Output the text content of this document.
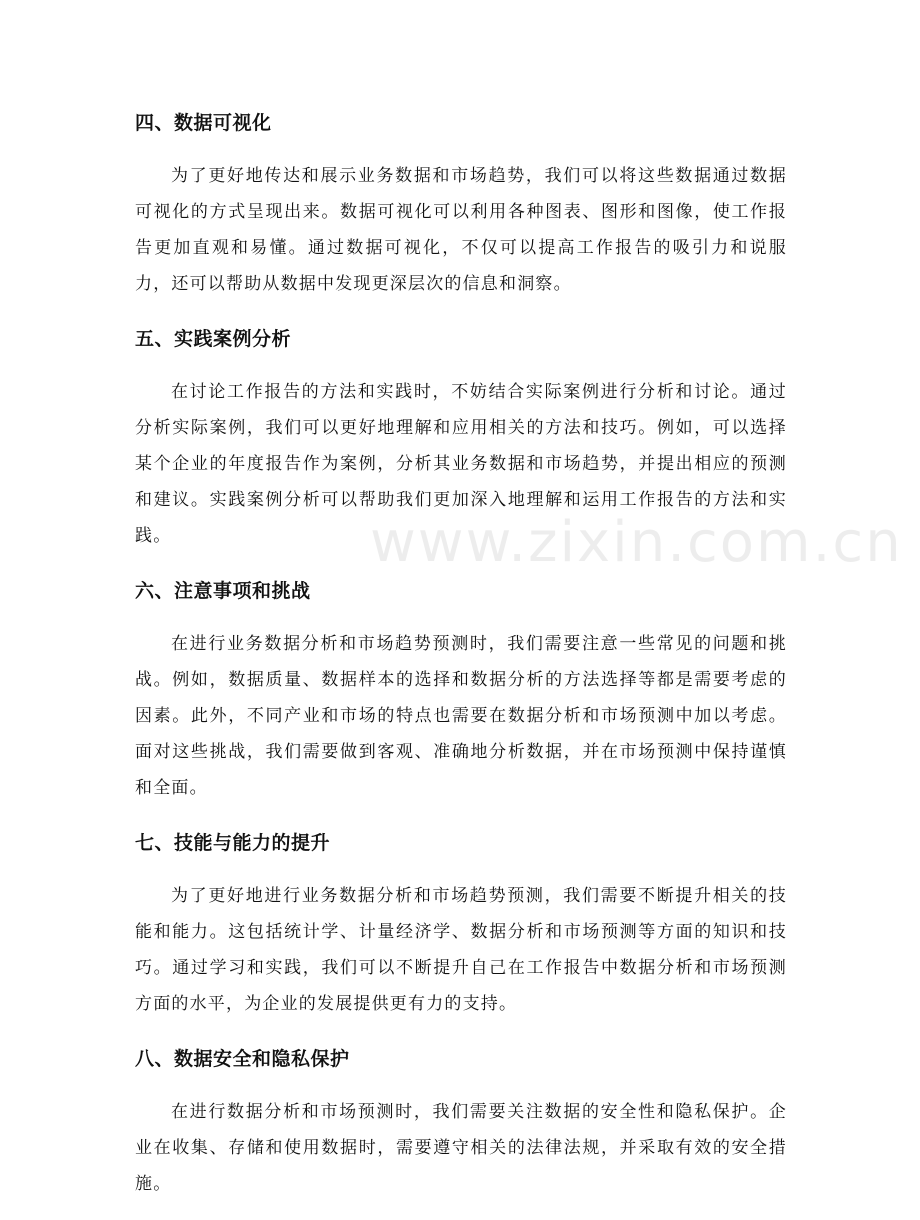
www.zixin.com.cn
四、数据可视化

为了更好地传达和展示业务数据和市场趋势，我们可以将这些数据通过数据可视化的方式呈现出来。数据可视化可以利用各种图表、图形和图像，使工作报告更加直观和易懂。通过数据可视化，不仅可以提高工作报告的吸引力和说服力，还可以帮助从数据中发现更深层次的信息和洞察。

五、实践案例分析

在讨论工作报告的方法和实践时，不妨结合实际案例进行分析和讨论。通过分析实际案例，我们可以更好地理解和应用相关的方法和技巧。例如，可以选择某个企业的年度报告作为案例，分析其业务数据和市场趋势，并提出相应的预测和建议。实践案例分析可以帮助我们更加深入地理解和运用工作报告的方法和实践。

六、注意事项和挑战

在进行业务数据分析和市场趋势预测时，我们需要注意一些常见的问题和挑战。例如，数据质量、数据样本的选择和数据分析的方法选择等都是需要考虑的因素。此外，不同产业和市场的特点也需要在数据分析和市场预测中加以考虑。面对这些挑战，我们需要做到客观、准确地分析数据，并在市场预测中保持谨慎和全面。

七、技能与能力的提升

为了更好地进行业务数据分析和市场趋势预测，我们需要不断提升相关的技能和能力。这包括统计学、计量经济学、数据分析和市场预测等方面的知识和技巧。通过学习和实践，我们可以不断提升自己在工作报告中数据分析和市场预测方面的水平，为企业的发展提供更有力的支持。

八、数据安全和隐私保护

在进行数据分析和市场预测时，我们需要关注数据的安全性和隐私保护。企业在收集、存储和使用数据时，需要遵守相关的法律法规，并采取有效的安全措施。
